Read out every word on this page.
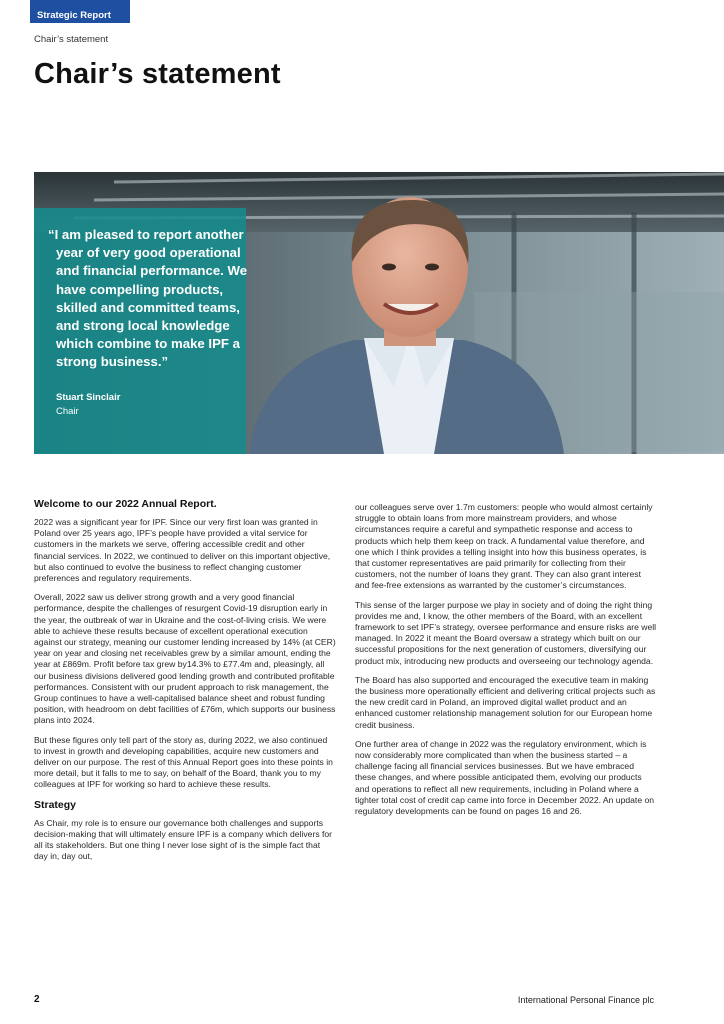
Strategic Report
Chair’s statement
Chair’s statement

“I am pleased to report another year of very good operational and financial performance. We have compelling products, skilled and committed teams, and strong local knowledge which combine to make IPF a strong business.”

Stuart Sinclair
Chair
Welcome to our 2022 Annual Report.

2022 was a significant year for IPF. Since our very first loan was granted in Poland over 25 years ago, IPF’s people have provided a vital service for customers in the markets we serve, offering accessible credit and other financial services. In 2022, we continued to deliver on this important objective, but also continued to evolve the business to reflect changing customer preferences and regulatory requirements.

Overall, 2022 saw us deliver strong growth and a very good financial performance, despite the challenges of resurgent Covid-19 disruption early in the year, the outbreak of war in Ukraine and the cost-of-living crisis. We were able to achieve these results because of excellent operational execution against our strategy, meaning our customer lending increased by 14% (at CER) year on year and closing net receivables grew by a similar amount, ending the year at £869m. Profit before tax grew by14.3% to £77.4m and, pleasingly, all our business divisions delivered good lending growth and contributed profitable performances. Consistent with our prudent approach to risk management, the Group continues to have a well-capitalised balance sheet and robust funding position, with headroom on debt facilities of £76m, which supports our business plans into 2024.

But these figures only tell part of the story as, during 2022, we also continued to invest in growth and developing capabilities, acquire new customers and deliver on our purpose. The rest of this Annual Report goes into these points in more detail, but it falls to me to say, on behalf of the Board, thank you to my colleagues at IPF for working so hard to achieve these results.

Strategy

As Chair, my role is to ensure our governance both challenges and supports decision-making that will ultimately ensure IPF is a company which delivers for all its stakeholders. But one thing I never lose sight of is the simple fact that day in, day out,

our colleagues serve over 1.7m customers: people who would almost certainly struggle to obtain loans from more mainstream providers, and whose circumstances require a careful and sympathetic response and access to products which help them keep on track. A fundamental value therefore, and one which I think provides a telling insight into how this business operates, is that customer representatives are paid primarily for collecting from their customers, not the number of loans they grant. They can also grant interest and fee-free extensions as warranted by the customer’s circumstances.

This sense of the larger purpose we play in society and of doing the right thing provides me and, I know, the other members of the Board, with an excellent framework to set IPF’s strategy, oversee performance and ensure risks are well managed. In 2022 it meant the Board oversaw a strategy which built on our successful propositions for the next generation of customers, diversifying our product mix, introducing new products and overseeing our technology agenda.

The Board has also supported and encouraged the executive team in making the business more operationally efficient and delivering critical projects such as the new credit card in Poland, an improved digital wallet product and an enhanced customer relationship management solution for our European home credit business.

One further area of change in 2022 was the regulatory environment, which is now considerably more complicated than when the business started – a challenge facing all financial services businesses. But we have embraced these changes, and where possible anticipated them, evolving our products and operations to reflect all new requirements, including in Poland where a tighter total cost of credit cap came into force in December 2022. An update on regulatory developments can be found on pages 16 and 26.

2	International Personal Finance plc
